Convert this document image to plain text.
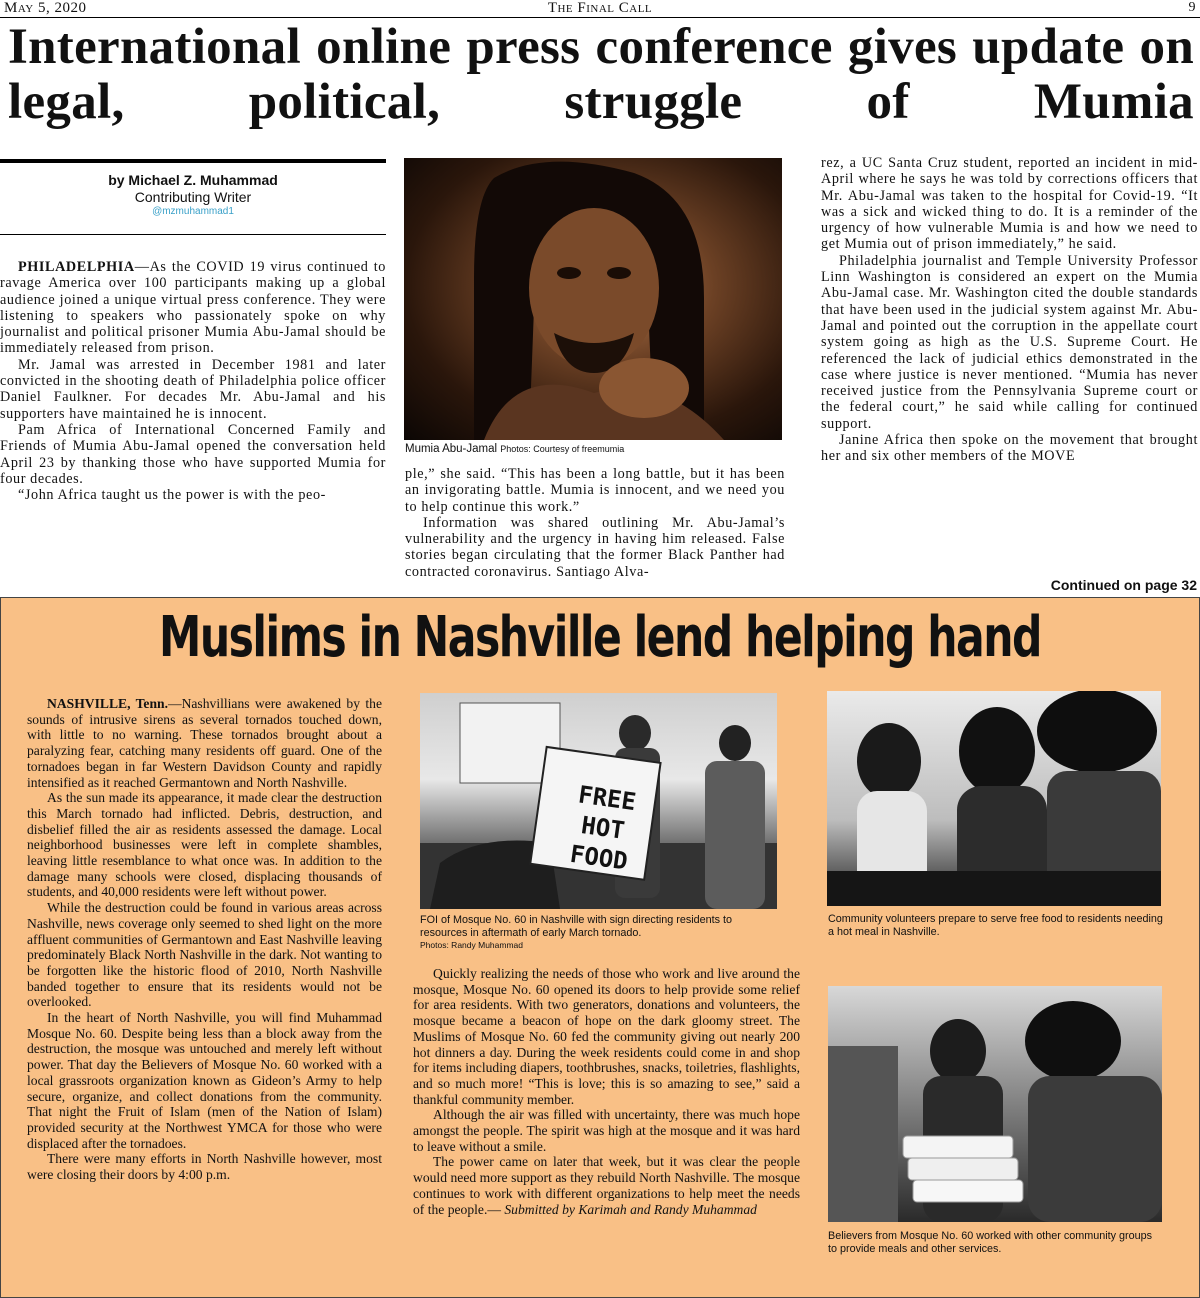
May 5, 2020	The Final Call	9
International online press conference gives update on legal, political, struggle of Mumia
by Michael Z. Muhammad
Contributing Writer
@mzmuhammad1

PHILADELPHIA—As the COVID 19 virus continued to ravage America over 100 participants making up a global audience joined a unique virtual press conference. They were listening to speakers who passionately spoke on why journalist and political prisoner Mumia Abu-Jamal should be immediately released from prison.

Mr. Jamal was arrested in December 1981 and later convicted in the shooting death of Philadelphia police officer Daniel Faulkner. For decades Mr. Abu-Jamal and his supporters have maintained he is innocent.

Pam Africa of International Concerned Family and Friends of Mumia Abu-Jamal opened the conversation held April 23 by thanking those who have supported Mumia for four decades.

“John Africa taught us the power is with the peo-

Mumia Abu-Jamal Photos: Courtesy of freemumia

ple,” she said. “This has been a long battle, but it has been an invigorating battle. Mumia is innocent, and we need you to help continue this work.”

Information was shared outlining Mr. Abu-Jamal’s vulnerability and the urgency in having him released. False stories began circulating that the former Black Panther had contracted coronavirus. Santiago Alva-

rez, a UC Santa Cruz student, reported an incident in mid-April where he says he was told by corrections officers that Mr. Abu-Jamal was taken to the hospital for Covid-19. “It was a sick and wicked thing to do. It is a reminder of the urgency of how vulnerable Mumia is and how we need to get Mumia out of prison immediately,” he said.

Philadelphia journalist and Temple University Professor Linn Washington is considered an expert on the Mumia Abu-Jamal case. Mr. Washington cited the double standards that have been used in the judicial system against Mr. Abu-Jamal and pointed out the corruption in the appellate court system going as high as the U.S. Supreme Court. He referenced the lack of judicial ethics demonstrated in the case where justice is never mentioned. “Mumia has never received justice from the Pennsylvania Supreme court or the federal court,” he said while calling for continued support.

Janine Africa then spoke on the movement that brought her and six other members of the MOVE

Continued on page 32
Muslims in Nashville lend helping hand

NASHVILLE, Tenn.—Nashvillians were awakened by the sounds of intrusive sirens as several tornados touched down, with little to no warning. These tornados brought about a paralyzing fear, catching many residents off guard. One of the tornadoes began in far Western Davidson County and rapidly intensified as it reached Germantown and North Nashville.

As the sun made its appearance, it made clear the destruction this March tornado had inflicted. Debris, destruction, and disbelief filled the air as residents assessed the damage. Local neighborhood businesses were left in complete shambles, leaving little resemblance to what once was. In addition to the damage many schools were closed, displacing thousands of students, and 40,000 residents were left without power.

While the destruction could be found in various areas across Nashville, news coverage only seemed to shed light on the more affluent communities of Germantown and East Nashville leaving predominately Black North Nashville in the dark. Not wanting to be forgotten like the historic flood of 2010, North Nashville banded together to ensure that its residents would not be overlooked.

In the heart of North Nashville, you will find Muhammad Mosque No. 60. Despite being less than a block away from the destruction, the mosque was untouched and merely left without power. That day the Believers of Mosque No. 60 worked with a local grassroots organization known as Gideon’s Army to help secure, organize, and collect donations from the community. That night the Fruit of Islam (men of the Nation of Islam) provided security at the Northwest YMCA for those who were displaced after the tornadoes.

There were many efforts in North Nashville however, most were closing their doors by 4:00 p.m.

FREE
HOT
FOOD
FOI of Mosque No. 60 in Nashville with sign directing residents to resources in aftermath of early March tornado.
Photos: Randy Muhammad

Quickly realizing the needs of those who work and live around the mosque, Mosque No. 60 opened its doors to help provide some relief for area residents. With two generators, donations and volunteers, the mosque became a beacon of hope on the dark gloomy street. The Muslims of Mosque No. 60 fed the community giving out nearly 200 hot dinners a day. During the week residents could come in and shop for items including diapers, toothbrushes, snacks, toiletries, flashlights, and so much more! “This is love; this is so amazing to see,” said a thankful community member.

Although the air was filled with uncertainty, there was much hope amongst the people. The spirit was high at the mosque and it was hard to leave without a smile.

The power came on later that week, but it was clear the people would need more support as they rebuild North Nashville. The mosque continues to work with different organizations to help meet the needs of the people.— Submitted by Karimah and Randy Muhammad

Community volunteers prepare to serve free food to residents needing a hot meal in Nashville.
Believers from Mosque No. 60 worked with other community groups to provide meals and other services.
